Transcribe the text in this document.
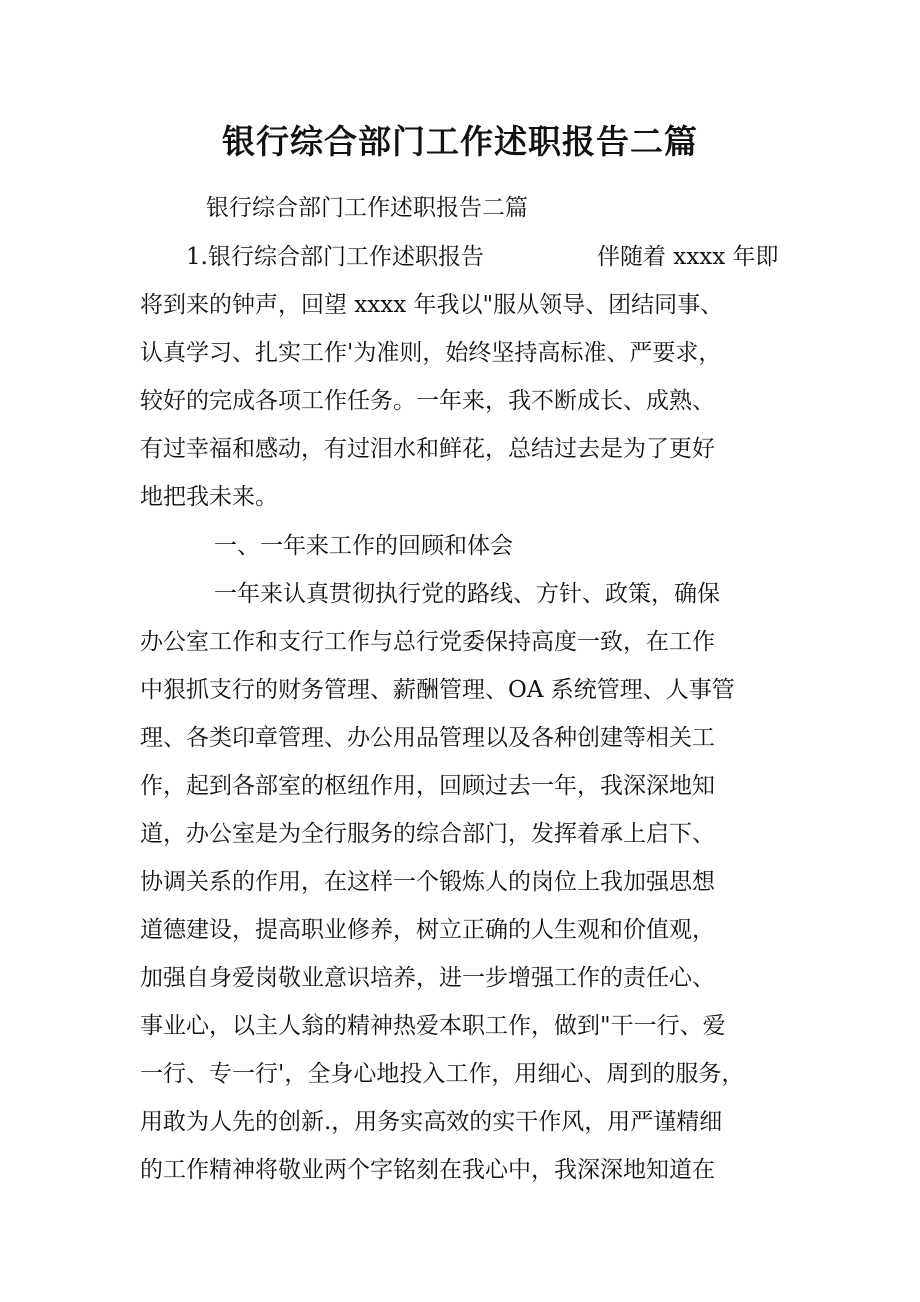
银行综合部门工作述职报告二篇

银行综合部门工作述职报告二篇

1.银行综合部门工作述职报告	伴随着 xxxx 年即

将到来的钟声，回望 xxxx 年我以"服从领导、团结同事、

认真学习、扎实工作'为准则，始终坚持高标准、严要求，

较好的完成各项工作任务。一年来，我不断成长、成熟、

有过幸福和感动，有过泪水和鲜花，总结过去是为了更好

地把我未来。

一、一年来工作的回顾和体会

一年来认真贯彻执行党的路线、方针、政策，确保

办公室工作和支行工作与总行党委保持高度一致，在工作

中狠抓支行的财务管理、薪酬管理、OA 系统管理、人事管

理、各类印章管理、办公用品管理以及各种创建等相关工

作，起到各部室的枢纽作用，回顾过去一年，我深深地知

道，办公室是为全行服务的综合部门，发挥着承上启下、

协调关系的作用，在这样一个锻炼人的岗位上我加强思想

道德建设，提高职业修养，树立正确的人生观和价值观，

加强自身爱岗敬业意识培养，进一步增强工作的责任心、

事业心，以主人翁的精神热爱本职工作，做到"干一行、爱

一行、专一行'，全身心地投入工作，用细心、周到的服务，

用敢为人先的创新.，用务实高效的实干作风，用严谨精细

的工作精神将敬业两个字铭刻在我心中，我深深地知道在
